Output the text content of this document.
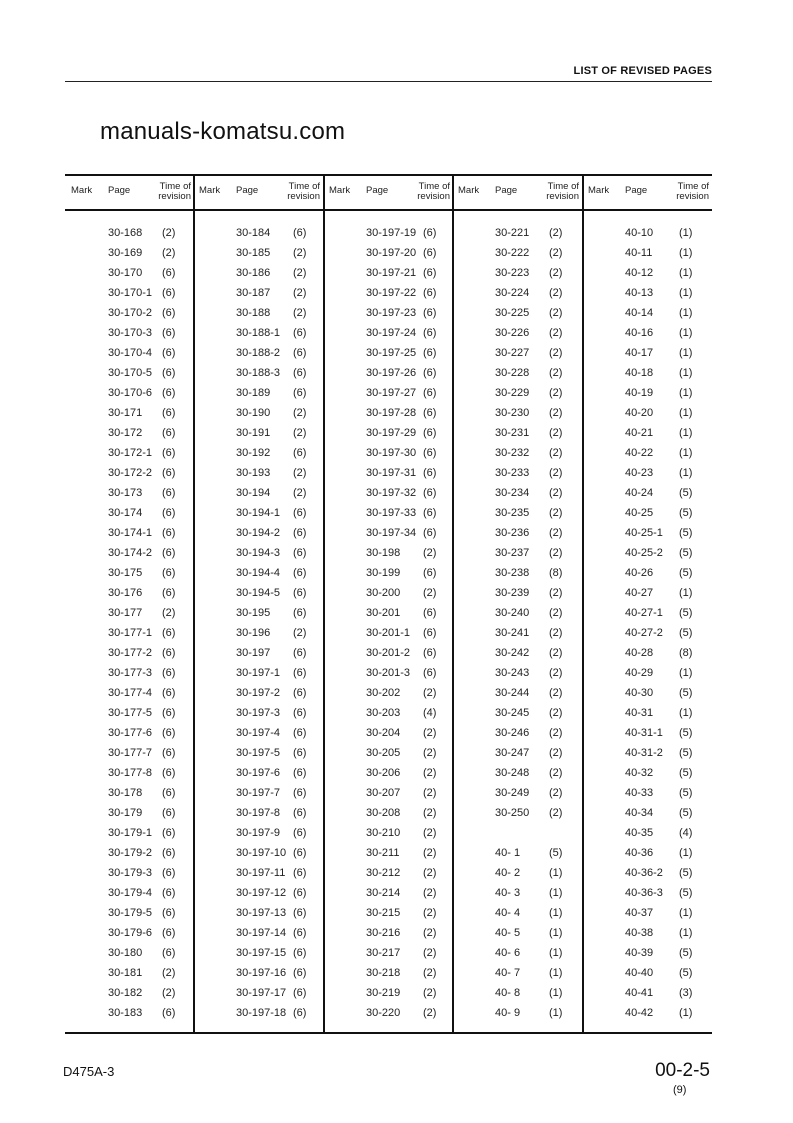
LIST OF REVISED PAGES
Mark Page	Time of
revision
30-168 (2)
30-169 (2)
30-170 (6)
30-170-1 (6)
30-170-2 (6)
30-170-3 (6)
30-170-4 (6)
30-170-5 (6)
30-170-6 (6)
30-171 (6)
30-172 (6)
30-172-1 (6)
30-172-2 (6)
30-173 (6)
30-174 (6)
30-174-1 (6)
30-174-2 (6)
30-175 (6)
30-176 (6)
30-177 (2)
30-177-1 (6)
30-177-2 (6)
30-177-3 (6)
30-177-4 (6)
30-177-5 (6)
30-177-6 (6)
30-177-7 (6)
30-177-8 (6)
30-178 (6)
30-179 (6)
30-179-1 (6)
30-179-2 (6)
30-179-3 (6)
30-179-4 (6)
30-179-5 (6)
30-179-6 (6)
30-180 (6)
30-181 (2)
30-182 (2)
30-183 (6)
Mark Page	Time of
revision
30-184 (6)
30-185 (2)
30-186 (2)
30-187 (2)
30-188 (2)
30-188-1 (6)
30-188-2 (6)
30-188-3 (6)
30-189 (6)
30-190 (2)
30-191 (2)
30-192 (6)
30-193 (2)
30-194 (2)
30-194-1 (6)
30-194-2 (6)
30-194-3 (6)
30-194-4 (6)
30-194-5 (6)
30-195 (6)
30-196 (2)
30-197 (6)
30-197-1 (6)
30-197-2 (6)
30-197-3 (6)
30-197-4 (6)
30-197-5 (6)
30-197-6 (6)
30-197-7 (6)
30-197-8 (6)
30-197-9 (6)
30-197-10 (6)
30-197-11 (6)
30-197-12 (6)
30-197-13 (6)
30-197-14 (6)
30-197-15 (6)
30-197-16 (6)
30-197-17 (6)
30-197-18 (6)
Mark Page	Time of
revision
30-197-19 (6)
30-197-20 (6)
30-197-21 (6)
30-197-22 (6)
30-197-23 (6)
30-197-24 (6)
30-197-25 (6)
30-197-26 (6)
30-197-27 (6)
30-197-28 (6)
30-197-29 (6)
30-197-30 (6)
30-197-31 (6)
30-197-32 (6)
30-197-33 (6)
30-197-34 (6)
30-198 (2)
30-199 (6)
30-200 (2)
30-201 (6)
30-201-1 (6)
30-201-2 (6)
30-201-3 (6)
30-202 (2)
30-203 (4)
30-204 (2)
30-205 (2)
30-206 (2)
30-207 (2)
30-208 (2)
30-210 (2)
30-211 (2)
30-212 (2)
30-214 (2)
30-215 (2)
30-216 (2)
30-217 (2)
30-218 (2)
30-219 (2)
30-220 (2)
Mark Page	Time of
revision
30-221 (2)
30-222 (2)
30-223 (2)
30-224 (2)
30-225 (2)
30-226 (2)
30-227 (2)
30-228 (2)
30-229 (2)
30-230 (2)
30-231 (2)
30-232 (2)
30-233 (2)
30-234 (2)
30-235 (2)
30-236 (2)
30-237 (2)
30-238 (8)
30-239 (2)
30-240 (2)
30-241 (2)
30-242 (2)
30-243 (2)
30-244 (2)
30-245 (2)
30-246 (2)
30-247 (2)
30-248 (2)
30-249 (2)
30-250 (2)
40- 1	(5)
40- 2	(1)
40- 3	(1)
40- 4	(1)
40- 5	(1)
40- 6	(1)
40- 7	(1)
40- 8	(1)
40- 9	(1)
Mark Page	Time of
revision
40-10 (1)
40-11 (1)
40-12 (1)
40-13 (1)
40-14 (1)
40-16 (1)
40-17 (1)
40-18 (1)
40-19 (1)
40-20 (1)
40-21 (1)
40-22 (1)
40-23 (1)
40-24 (5)
40-25 (5)
40-25-1 (5)
40-25-2 (5)
40-26 (5)
40-27 (1)
40-27-1 (5)
40-27-2 (5)
40-28 (8)
40-29 (1)
40-30 (5)
40-31 (1)
40-31-1 (5)
40-31-2 (5)
40-32 (5)
40-33 (5)
40-34 (5)
40-35 (4)
40-36 (1)
40-36-2 (5)
40-36-3 (5)
40-37 (1)
40-38 (1)
40-39 (5)
40-40 (5)
40-41 (3)
40-42 (1)
manuals-komatsu.com
D475A-3	00-2-5
(9)
